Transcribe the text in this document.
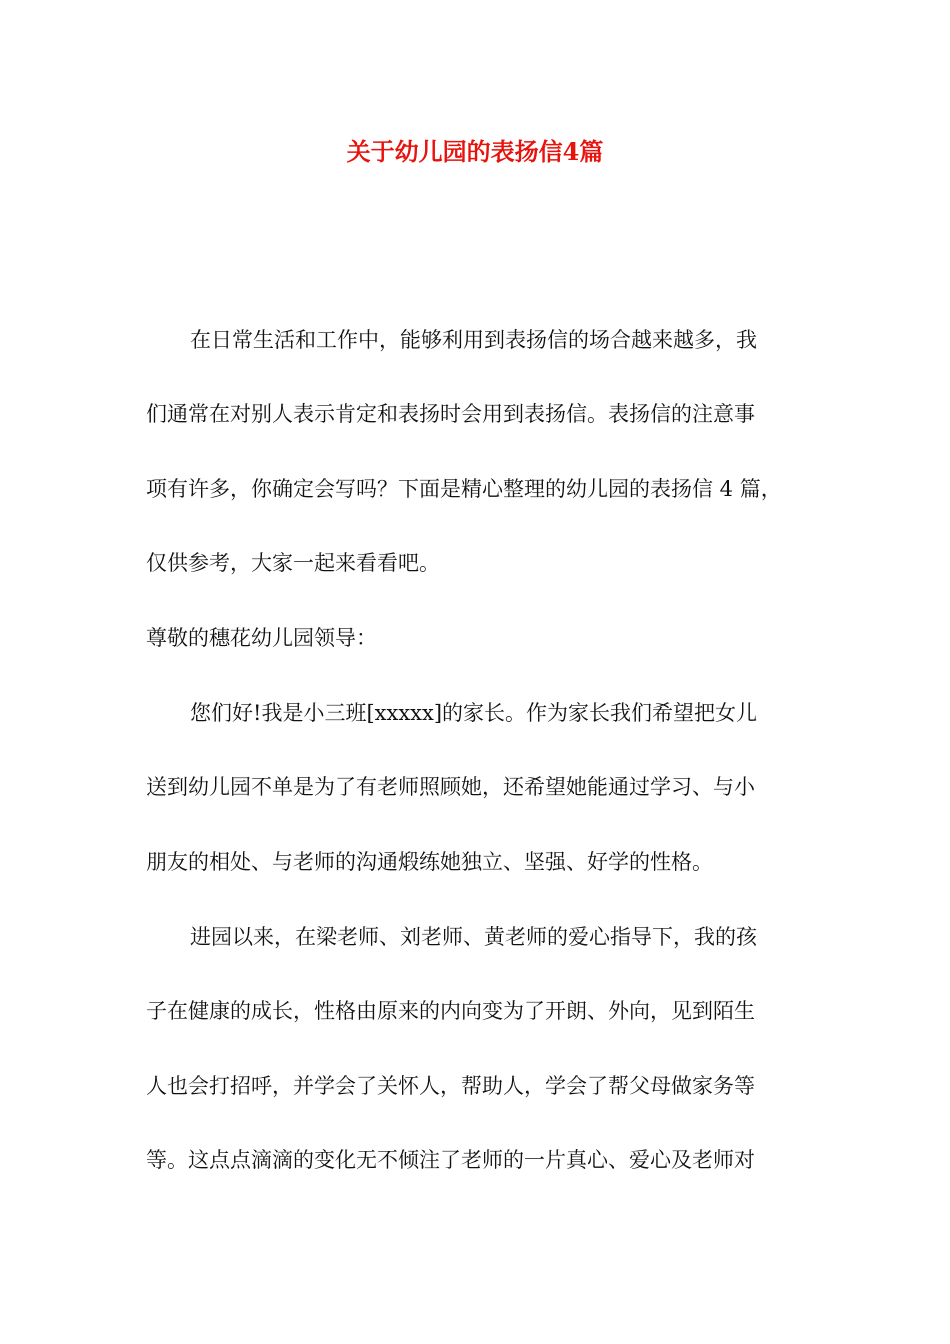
关于幼儿园的表扬信4篇

在日常生活和工作中，能够利用到表扬信的场合越来越多，我

们通常在对别人表示肯定和表扬时会用到表扬信。表扬信的注意事

项有许多，你确定会写吗？下面是精心整理的幼儿园的表扬信 4 篇，

仅供参考，大家一起来看看吧。

尊敬的穗花幼儿园领导：

您们好!我是小三班[xxxxx]的家长。作为家长我们希望把女儿

送到幼儿园不单是为了有老师照顾她，还希望她能通过学习、与小

朋友的相处、与老师的沟通煅练她独立、坚强、好学的性格。

进园以来，在梁老师、刘老师、黄老师的爱心指导下，我的孩

子在健康的成长，性格由原来的内向变为了开朗、外向，见到陌生

人也会打招呼，并学会了关怀人，帮助人，学会了帮父母做家务等

等。这点点滴滴的变化无不倾注了老师的一片真心、爱心及老师对
